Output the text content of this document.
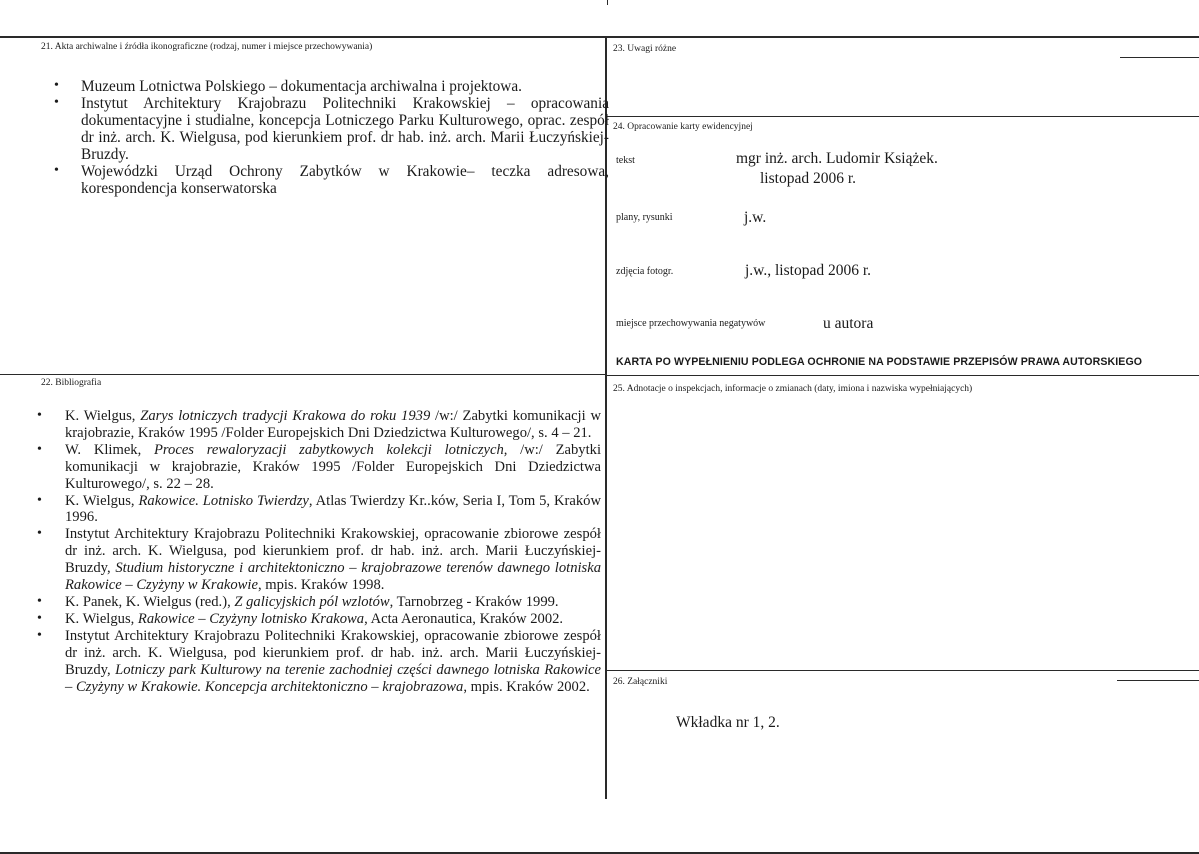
21. Akta archiwalne i źródła ikonograficzne (rodzaj, numer i miejsce przechowywania)
• Muzeum Lotnictwa Polskiego – dokumentacja archiwalna i projektowa.
• Instytut Architektury Krajobrazu Politechniki Krakowskiej – opracowania dokumentacyjne i studialne, koncepcja Lotniczego Parku Kulturowego, oprac. zespół dr inż. arch. K. Wielgusa, pod kierunkiem prof. dr hab. inż. arch. Marii Łuczyńskiej-Bruzdy.
• Wojewódzki Urząd Ochrony Zabytków w Krakowie– teczka adresowa, korespondencja konserwatorska
22. Bibliografia
• K. Wielgus, Zarys lotniczych tradycji Krakowa do roku 1939 /w:/ Zabytki komunikacji w krajobrazie, Kraków 1995 /Folder Europejskich Dni Dziedzictwa Kulturowego/, s. 4 – 21.
• W. Klimek, Proces rewaloryzacji zabytkowych kolekcji lotniczych, /w:/ Zabytki komunikacji w krajobrazie, Kraków 1995 /Folder Europejskich Dni Dziedzictwa Kulturowego/, s. 22 – 28.
• K. Wielgus, Rakowice. Lotnisko Twierdzy, Atlas Twierdzy Kr..ków, Seria I, Tom 5, Kraków 1996.
• Instytut Architektury Krajobrazu Politechniki Krakowskiej, opracowanie zbiorowe zespół dr inż. arch. K. Wielgusa, pod kierunkiem prof. dr hab. inż. arch. Marii Łuczyńskiej-Bruzdy, Studium historyczne i architektoniczno – krajobrazowe terenów dawnego lotniska Rakowice – Czyżyny w Krakowie, mpis. Kraków 1998.
• K. Panek, K. Wielgus (red.), Z galicyjskich pól wzlotów, Tarnobrzeg - Kraków 1999.
• K. Wielgus, Rakowice – Czyżyny lotnisko Krakowa, Acta Aeronautica, Kraków 2002.
• Instytut Architektury Krajobrazu Politechniki Krakowskiej, opracowanie zbiorowe zespół dr inż. arch. K. Wielgusa, pod kierunkiem prof. dr hab. inż. arch. Marii Łuczyńskiej-Bruzdy, Lotniczy park Kulturowy na terenie zachodniej części dawnego lotniska Rakowice – Czyżyny w Krakowie. Koncepcja architektoniczno – krajobrazowa, mpis. Kraków 2002.
23. Uwagi różne
24. Opracowanie karty ewidencyjnej
tekst	mgr inż. arch. Ludomir Książek.
listopad 2006 r.
plany, rysunki	j.w.
zdjęcia fotogr.	j.w., listopad 2006 r.
miejsce przechowywania negatywów	u autora
KARTA PO WYPEŁNIENIU PODLEGA OCHRONIE NA PODSTAWIE PRZEPISÓW PRAWA AUTORSKIEGO
25. Adnotacje o inspekcjach, informacje o zmianach (daty, imiona i nazwiska wypełniających)
26. Załączniki
Wkładka nr 1, 2.
